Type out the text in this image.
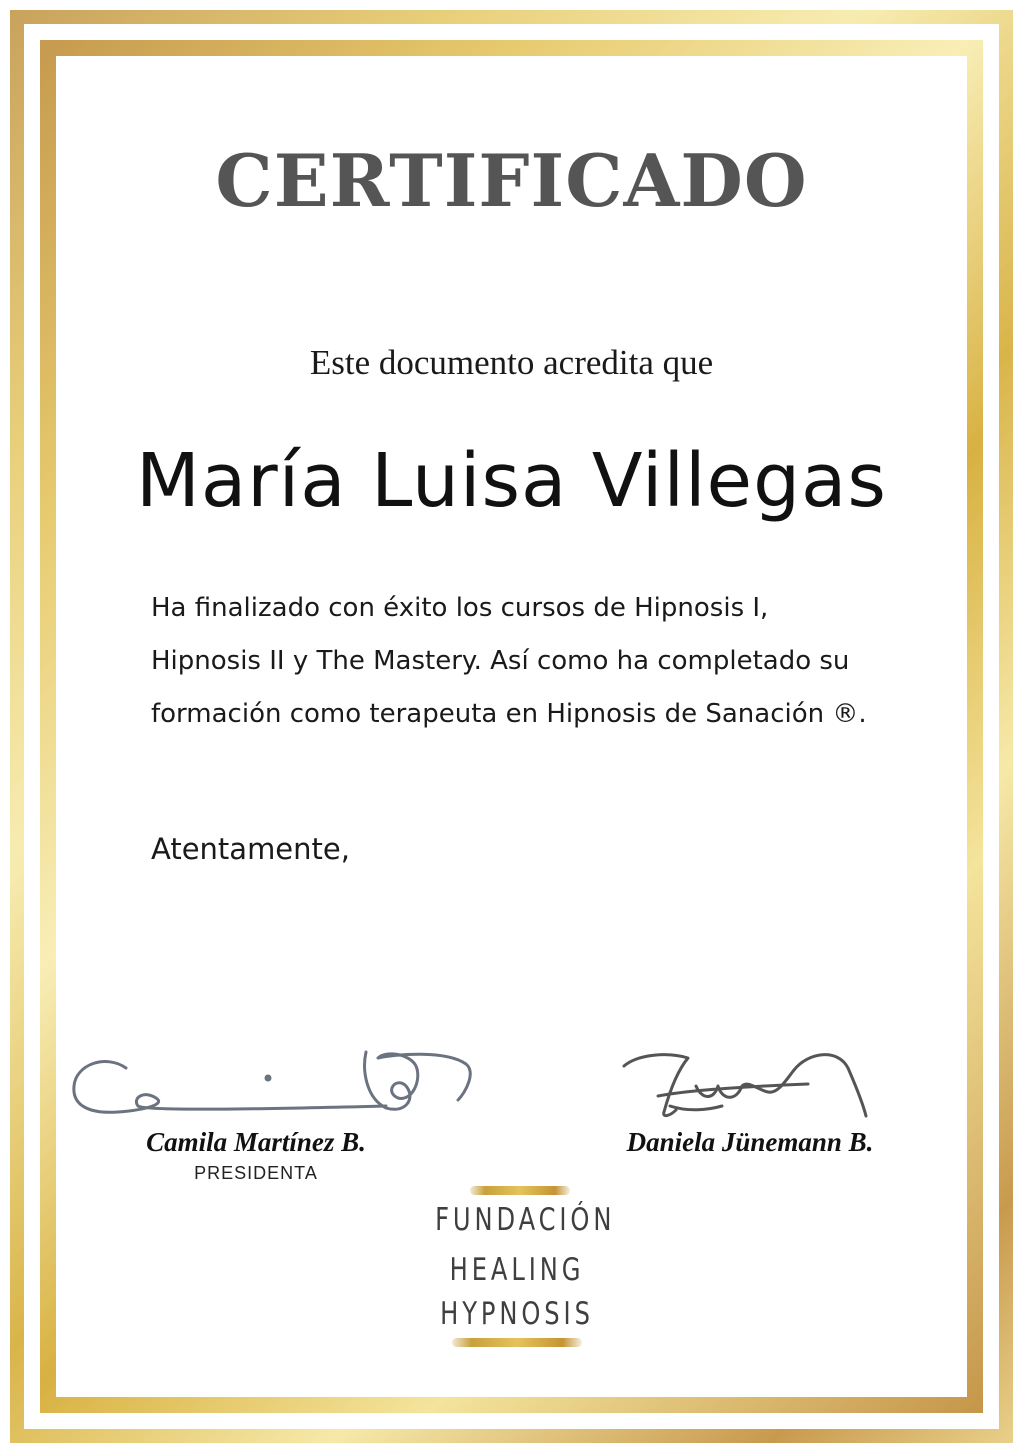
CERTIFICADO
Este documento acredita que
María Luisa Villegas
Ha finalizado con éxito los cursos de Hipnosis I,
Hipnosis II y The Mastery. Así como ha completado su
formación como terapeuta en Hipnosis de Sanación ®.
Atentamente,
Camila Martínez B.
PRESIDENTA
Daniela Jünemann B.
FUNDACIÓN
HEALING
HYPNOSIS
